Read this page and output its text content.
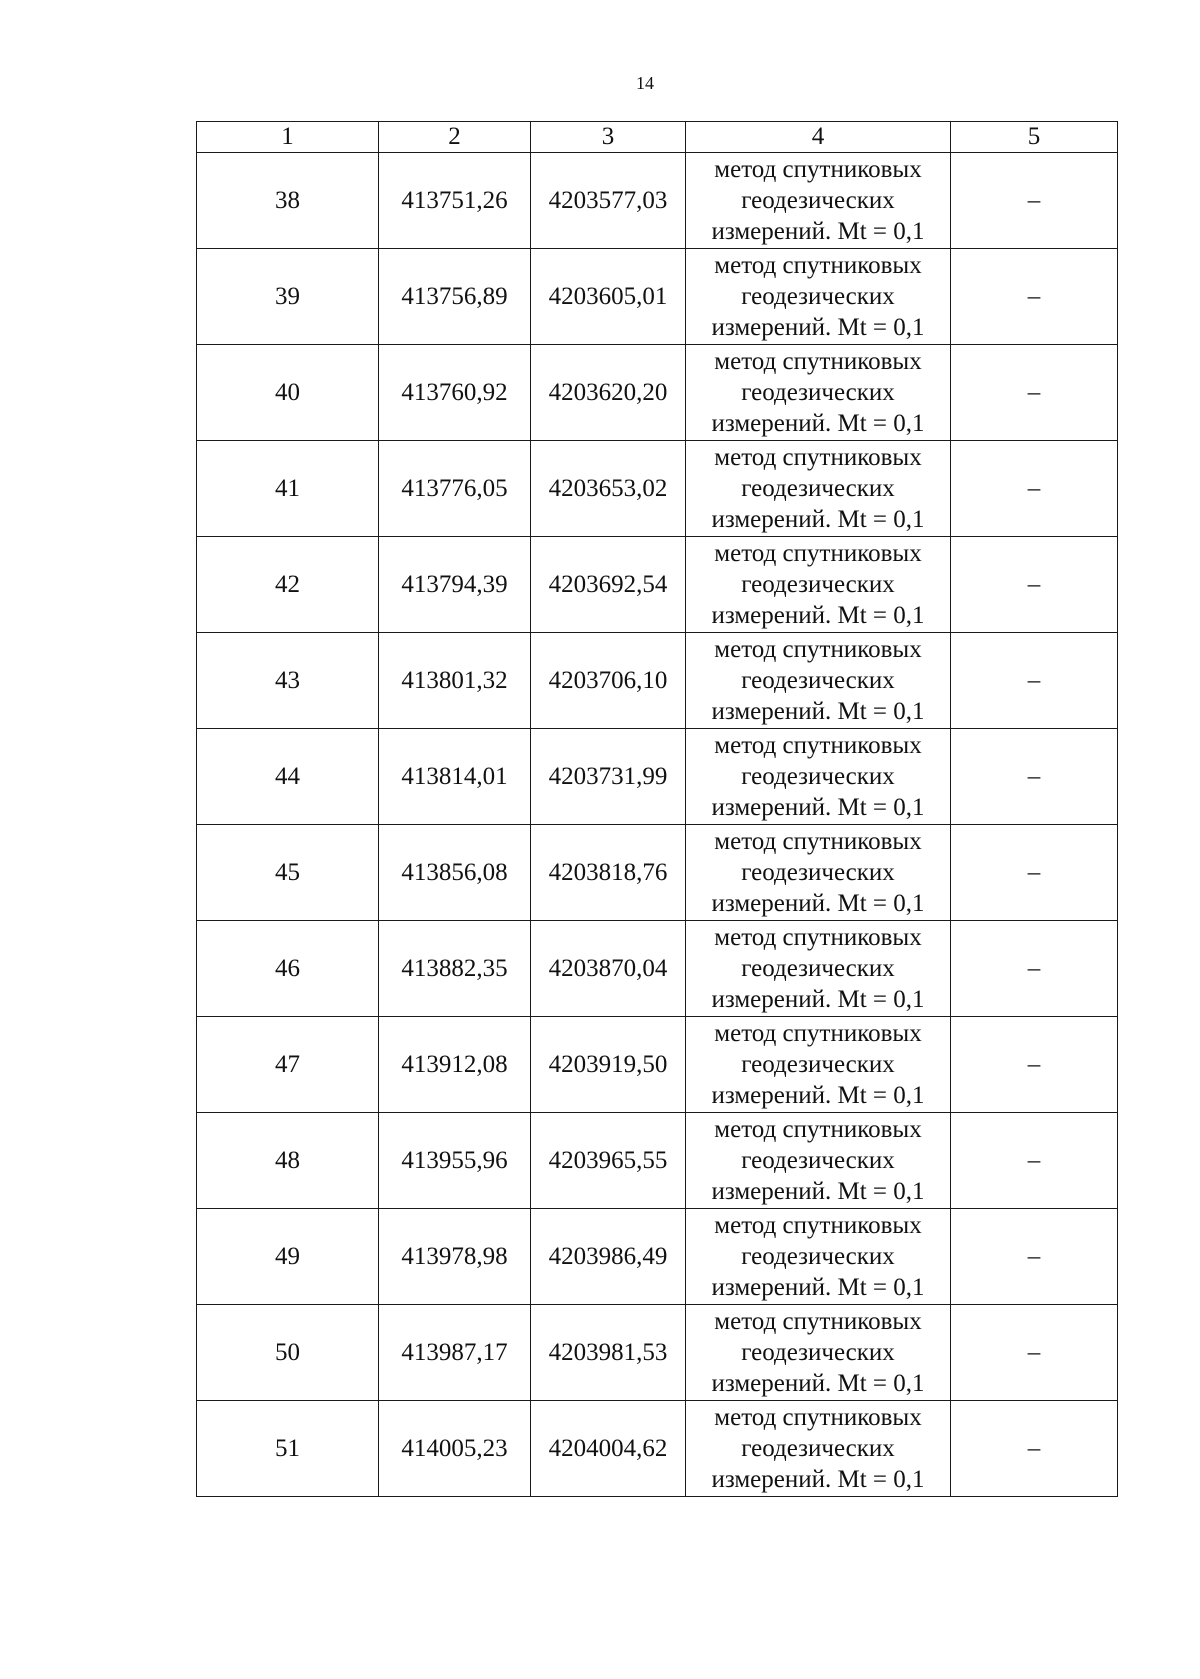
14
1	2	3	4	5
38	413751,26	4203577,03	метод спутниковых
геодезических
измерений. Mt = 0,1	–
39	413756,89	4203605,01	метод спутниковых
геодезических
измерений. Mt = 0,1	–
40	413760,92	4203620,20	метод спутниковых
геодезических
измерений. Mt = 0,1	–
41	413776,05	4203653,02	метод спутниковых
геодезических
измерений. Mt = 0,1	–
42	413794,39	4203692,54	метод спутниковых
геодезических
измерений. Mt = 0,1	–
43	413801,32	4203706,10	метод спутниковых
геодезических
измерений. Mt = 0,1	–
44	413814,01	4203731,99	метод спутниковых
геодезических
измерений. Mt = 0,1	–
45	413856,08	4203818,76	метод спутниковых
геодезических
измерений. Mt = 0,1	–
46	413882,35	4203870,04	метод спутниковых
геодезических
измерений. Mt = 0,1	–
47	413912,08	4203919,50	метод спутниковых
геодезических
измерений. Mt = 0,1	–
48	413955,96	4203965,55	метод спутниковых
геодезических
измерений. Mt = 0,1	–
49	413978,98	4203986,49	метод спутниковых
геодезических
измерений. Mt = 0,1	–
50	413987,17	4203981,53	метод спутниковых
геодезических
измерений. Mt = 0,1	–
51	414005,23	4204004,62	метод спутниковых
геодезических
измерений. Mt = 0,1	–
